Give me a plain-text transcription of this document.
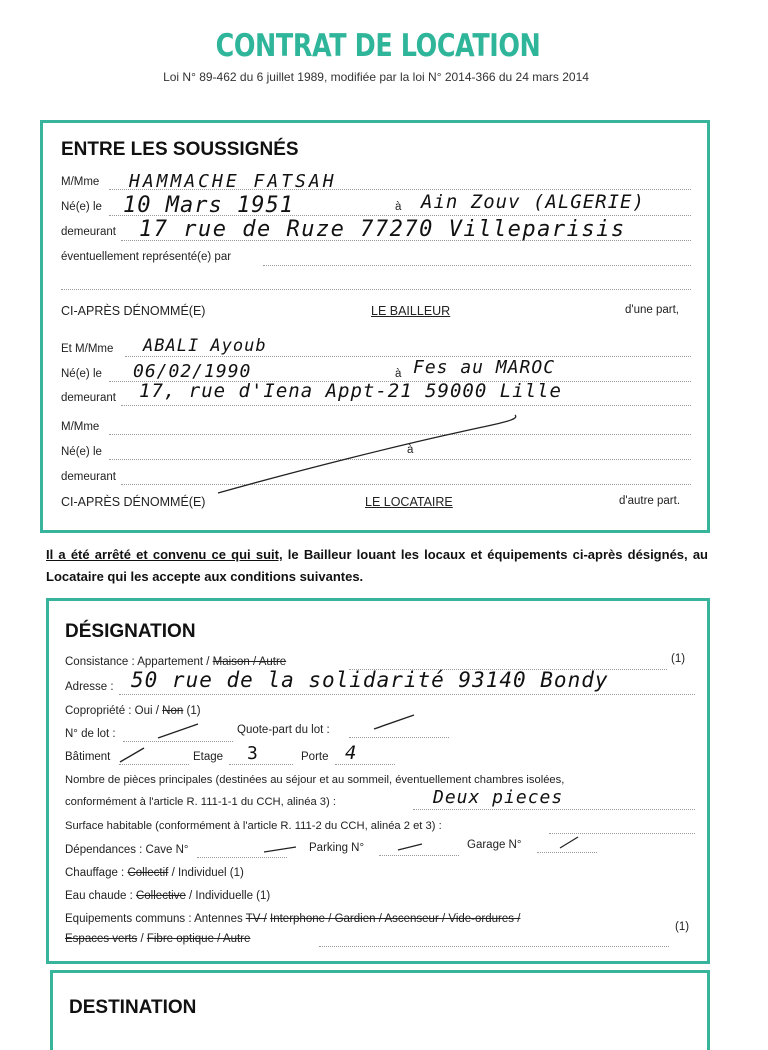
CONTRAT DE LOCATION
Loi N° 89-462 du 6 juillet 1989, modifiée par la loi N° 2014-366 du 24 mars 2014
ENTRE LES SOUSSIGNÉS
M/Mme HAMMACHE FATSAH
Né(e) le 10 Mars 1951	à Ain Zouv (ALGERIE)
demeurant 17 rue de Ruze 77270 Villeparisis
éventuellement représenté(e) par
CI-APRÈS DÉNOMMÉ(E)	LE BAILLEUR	d'une part,
Et M/Mme ABALI Ayoub
Né(e) le 06/02/1990	à Fes au MAROC
demeurant 17, rue d'Iena Appt-21 59000 Lille
M/Mme
Né(e) le	à
demeurant
CI-APRÈS DÉNOMMÉ(E)	LE LOCATAIRE	d'autre part.
Il a été arrêté et convenu ce qui suit, le Bailleur louant les locaux et équipements ci-après désignés, au Locataire qui les accepte aux conditions suivantes.
DÉSIGNATION
Consistance : Appartement / Maison / Autre	(1)
Adresse : 50 rue de la solidarité 93140 Bondy
Copropriété : Oui / Non (1)
N° de lot :	Quote-part du lot :
Bâtiment	Etage 3	Porte 4
Nombre de pièces principales (destinées au séjour et au sommeil, éventuellement chambres isolées,
conformément à l'article R. 111-1-1 du CCH, alinéa 3) :	Deux pieces
Surface habitable (conformément à l'article R. 111-2 du CCH, alinéa 2 et 3) :
Dépendances : Cave N°	Parking N°	Garage N°
Chauffage : Collectif / Individuel (1)
Eau chaude : Collective / Individuelle (1)
Equipements communs : Antennes TV / Interphone / Gardien / Ascenseur / Vide-ordures /
Espaces verts / Fibre optique / Autre
(1)
DESTINATION
